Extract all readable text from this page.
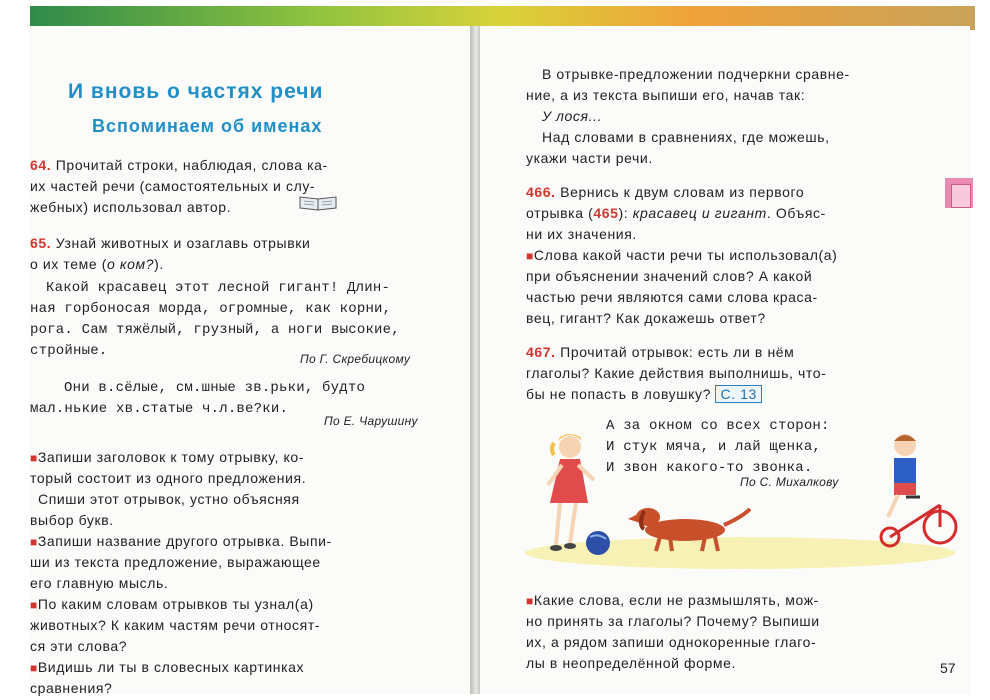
И вновь о частях речи
Вспоминаем об именах
64. Прочитай строки, наблюдая, слова ка-
их частей речи (самостоятельных и слу-
жебных) использовал автор.
65. Узнай животных и озаглавь отрывки
о их теме (о ком?).
Какой красавец этот лесной гигант! Длин-
ная горбоносая морда, огромные, как корни,
рога. Сам тяжёлый, грузный, а ноги высокие,
стройные.	По Г. Скребицкому
Они в.сёлые, см.шные зв.рьки, будто
мал.нькие хв.статые ч.л.ве?ки.
По Е. Чарушину
■Запиши заголовок к тому отрывку, ко-
торый состоит из одного предложения.
Спиши этот отрывок, устно объясняя
выбор букв.
■Запиши название другого отрывка. Выпи-
ши из текста предложение, выражающее
его главную мысль.
■По каким словам отрывков ты узнал(а)
животных? К каким частям речи относят-
ся эти слова?
■Видишь ли ты в словесных картинках
сравнения?
В отрывке-предложении подчеркни сравне-
ние, а из текста выпиши его, начав так:
У лося...
Над словами в сравнениях, где можешь,
укажи части речи.
466. Вернись к двум словам из первого
отрывка (465): красавец и гигант. Объяс-
ни их значения.
■Слова какой части речи ты использовал(а)
при объяснении значений слов? А какой
частью речи являются сами слова краса-
вец, гигант? Как докажешь ответ?
467. Прочитай отрывок: есть ли в нём
глаголы? Какие действия выполнишь, что-
бы не попасть в ловушку? С. 13
А за окном со всех сторон:
И стук мяча, и лай щенка,
И звон какого-то звонка.
По С. Михалкову
■Какие слова, если не размышлять, мож-
но принять за глаголы? Почему? Выпиши
их, а рядом запиши однокоренные глаго-
лы в неопределённой форме.	57
